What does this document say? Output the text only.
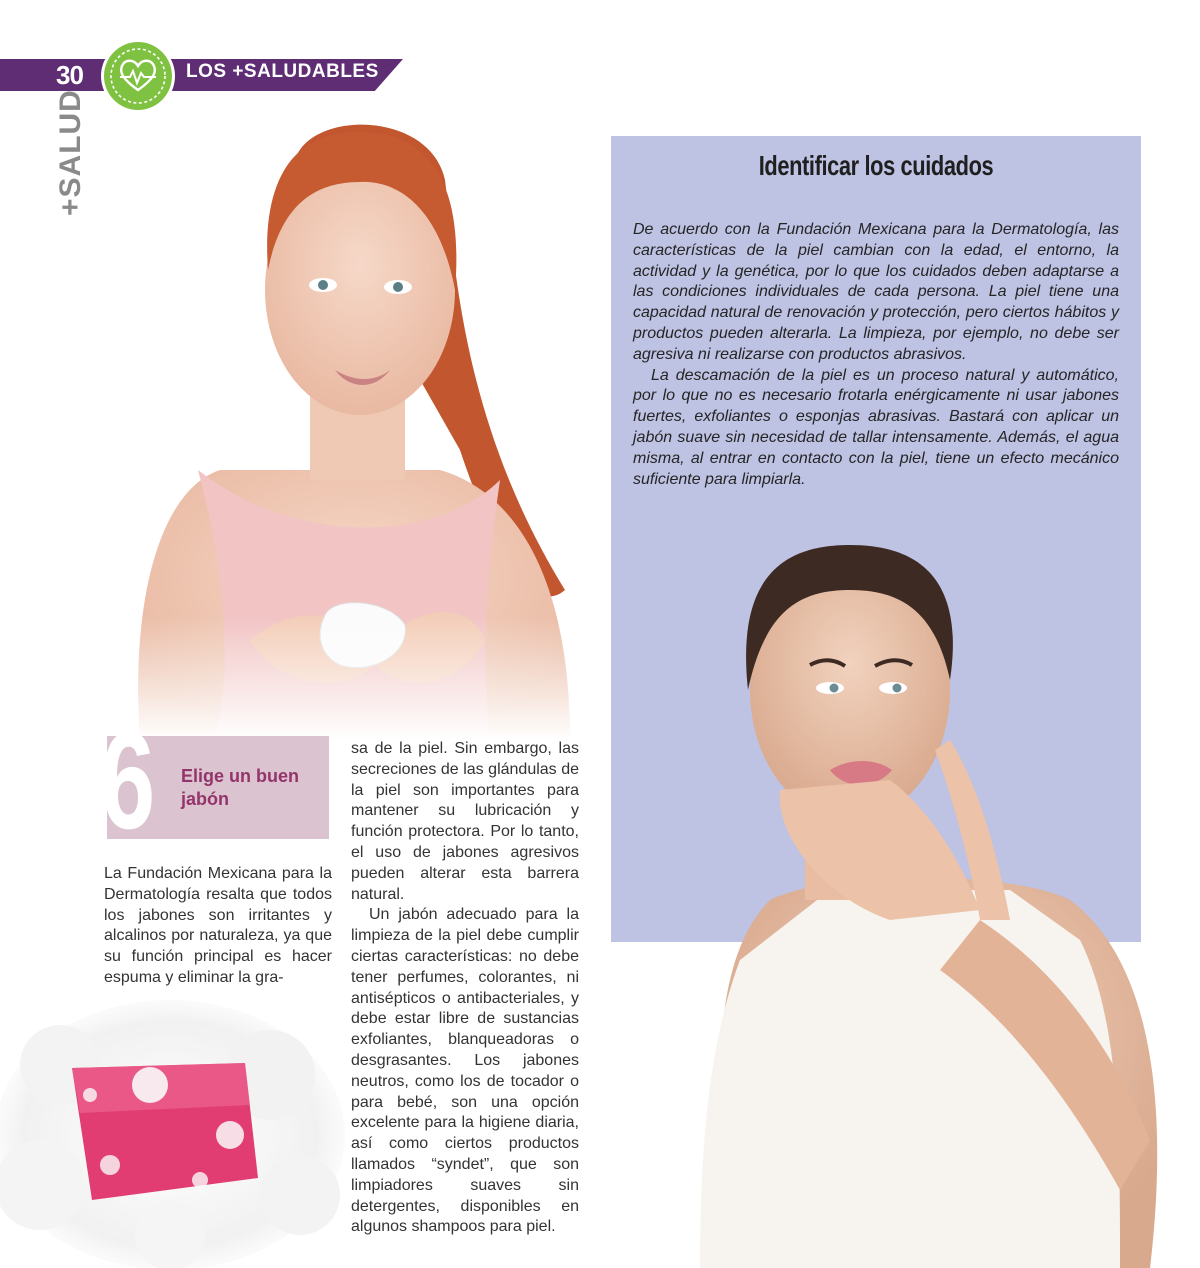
30	LOS +SALUDABLES
+SALUD	Identificar los cuidados

De acuerdo con la Fundación Mexicana para la Dermatología, las características de la piel cambian con la edad, el entorno, la actividad y la genética, por lo que los cuidados deben adaptarse a las condiciones individuales de cada persona. La piel tiene una capacidad natural de renovación y protección, pero ciertos hábitos y productos pueden alterarla. La limpieza, por ejemplo, no debe ser agresiva ni realizarse con productos abrasivos.

La descamación de la piel es un proceso natural y automático, por lo que no es necesario frotarla enérgicamente ni usar jabones fuertes, exfoliantes o esponjas abrasivas. Bastará con aplicar un jabón suave sin necesidad de tallar intensamente. Además, el agua misma, al entrar en contacto con la piel, tiene un efecto mecánico suficiente para limpiarla.

6 Elige un buen jabón

La Fundación Mexicana para la Dermatología resalta que todos los jabones son irritantes y alcalinos por naturaleza, ya que su función principal es hacer espuma y eliminar la gra-

sa de la piel. Sin embargo, las secreciones de las glándulas de la piel son importantes para mantener su lubricación y función protectora. Por lo tanto, el uso de jabones agresivos pueden alterar esta barrera natural.

Un jabón adecuado para la limpieza de la piel debe cumplir ciertas características: no debe tener perfumes, colorantes, ni antisépticos o antibacteriales, y debe estar libre de sustancias exfoliantes, blanqueadoras o desgrasantes. Los jabones neutros, como los de tocador o para bebé, son una opción excelente para la higiene diaria, así como ciertos productos llamados “syndet”, que son limpiadores suaves sin detergentes, disponibles en algunos shampoos para piel.
